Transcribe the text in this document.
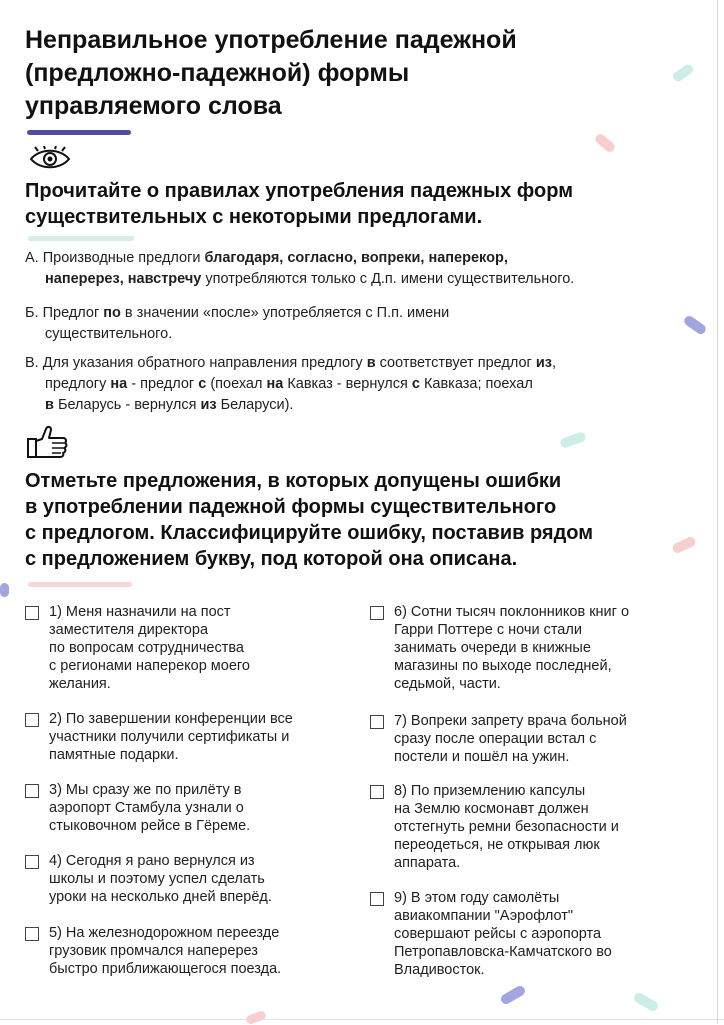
Неправильное употребление падежной
(предложно-падежной) формы
управляемого слова
Прочитайте о правилах употребления падежных форм
существительных с некоторыми предлогами.
А. Производные предлоги благодаря, согласно, вопреки, наперекор,
наперерез, навстречу употребляются только с Д.п. имени существительного.
Б. Предлог по в значении «после» употребляется с П.п. имени
существительного.
В. Для указания обратного направления предлогу в соответствует предлог из,
предлогу на - предлог с (поехал на Кавказ - вернулся с Кавказа; поехал
в Беларусь - вернулся из Беларуси).
Отметьте предложения, в которых допущены ошибки
в употреблении падежной формы существительного
с предлогом. Классифицируйте ошибку, поставив рядом
с предложением букву, под которой она описана.
1) Меня назначили на пост
заместителя директора
по вопросам сотрудничества
с регионами наперекор моего
желания.
2) По завершении конференции все
участники получили сертификаты и
памятные подарки.
3) Мы сразу же по прилёту в
аэропорт Стамбула узнали о
стыковочном рейсе в Гёреме.
4) Сегодня я рано вернулся из
школы и поэтому успел сделать
уроки на несколько дней вперёд.
5) На железнодорожном переезде
грузовик промчался наперерез
быстро приближающегося поезда.
6) Сотни тысяч поклонников книг о
Гарри Поттере с ночи стали
занимать очереди в книжные
магазины по выходе последней,
седьмой, части.
7) Вопреки запрету врача больной
сразу после операции встал с
постели и пошёл на ужин.
8) По приземлению капсулы
на Землю космонавт должен
отстегнуть ремни безопасности и
переодеться, не открывая люк
аппарата.
9) В этом году самолёты
авиакомпании "Аэрофлот"
совершают рейсы с аэропорта
Петропавловска-Камчатского во
Владивосток.
